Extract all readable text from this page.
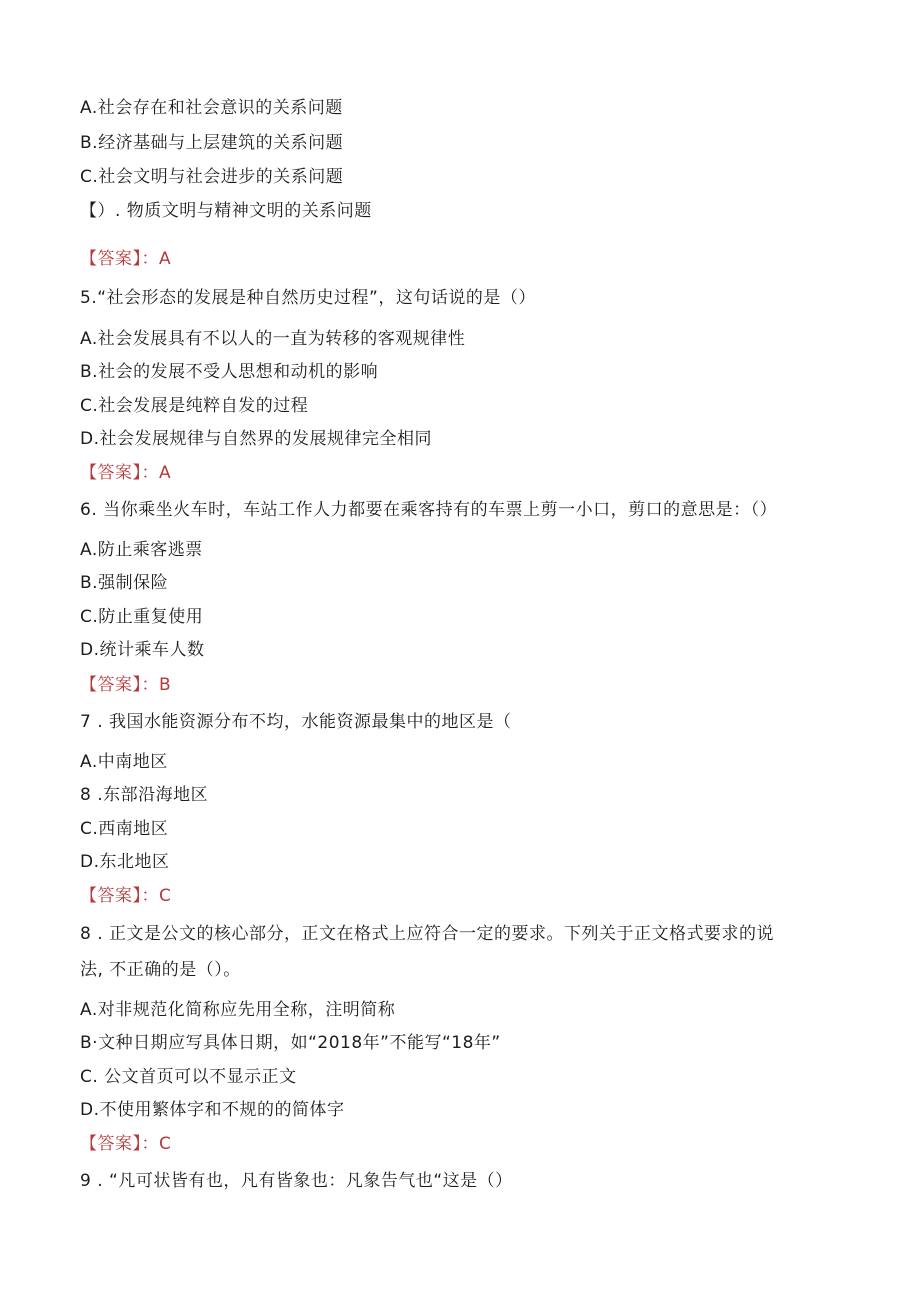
A.社会存在和社会意识的关系问题
B.经济基础与上层建筑的关系问题
C.社会文明与社会进步的关系问题
【）. 物质文明与精神文明的关系问题
【答案】：A
5.“社会形态的发展是种自然历史过程”，这句话说的是（）
A.社会发展具有不以人的一直为转移的客观规律性
B.社会的发展不受人思想和动机的影响
C.社会发展是纯粹自发的过程
D.社会发展规律与自然界的发展规律完全相同
【答案】：A
6. 当你乘坐火车时，车站工作人力都要在乘客持有的车票上剪一小口，剪口的意思是：（）
A.防止乘客逃票
B.强制保险
C.防止重复使用
D.统计乘车人数
【答案】：B
7 . 我国水能资源分布不均，水能资源最集中的地区是（
A.中南地区
8 .东部沿海地区
C.西南地区
D.东北地区
【答案】：C
8 . 正文是公文的核心部分，正文在格式上应符合一定的要求。下列关于正文格式要求的说
法, 不正确的是（）。
A.对非规范化简称应先用全称，注明简称
B·文种日期应写具体日期，如“2018年”不能写“18年”
C. 公文首页可以不显示正文
D.不使用繁体字和不规的的简体字
【答案】：C
9 . “凡可状皆有也，凡有皆象也：凡象告气也“这是（）
